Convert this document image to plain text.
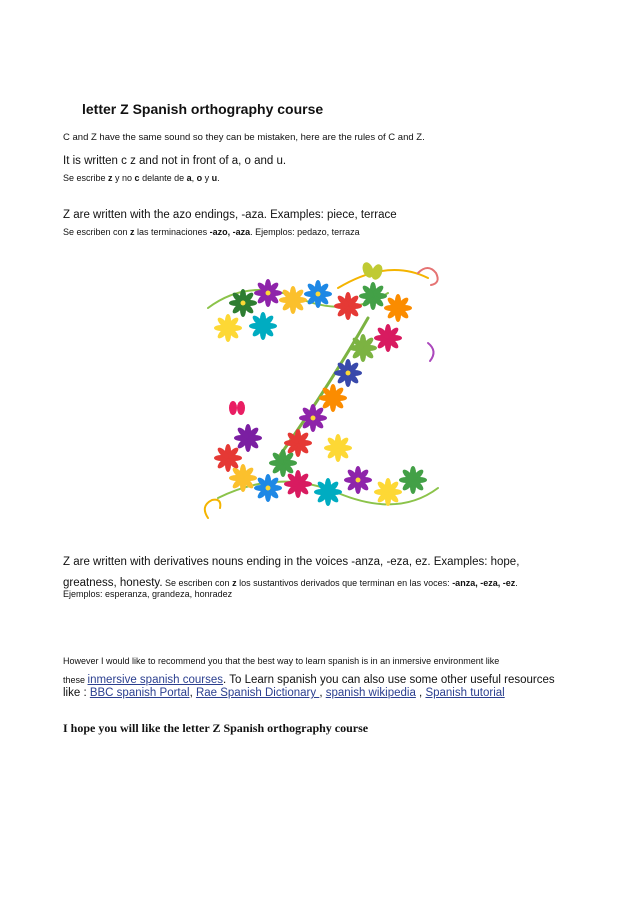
letter Z Spanish orthography course
C and Z have the same sound so they can be mistaken, here are the rules of C and Z.
It is written c z and not in front of a, o and u.
Se escribe z y no c delante de a, o y u.
Z are written with the azo endings, -aza. Examples: piece, terrace
Se escriben con z las terminaciones -azo, -aza. Ejemplos: pedazo, terraza
Z are written with derivatives nouns ending in the voices -anza, -eza, ez. Examples: hope,
greatness, honesty. Se escriben con z los sustantivos derivados que terminan en las voces: -anza, -eza, -ez.
Ejemplos: esperanza, grandeza, honradez
However I would like to recommend you that the best way to learn spanish is in an inmersive environment like
these inmersive spanish courses. To Learn spanish you can also use some other useful resources
like : BBC spanish Portal, Rae Spanish Dictionary , spanish wikipedia , Spanish tutorial
I hope you will like the letter Z Spanish orthography course
